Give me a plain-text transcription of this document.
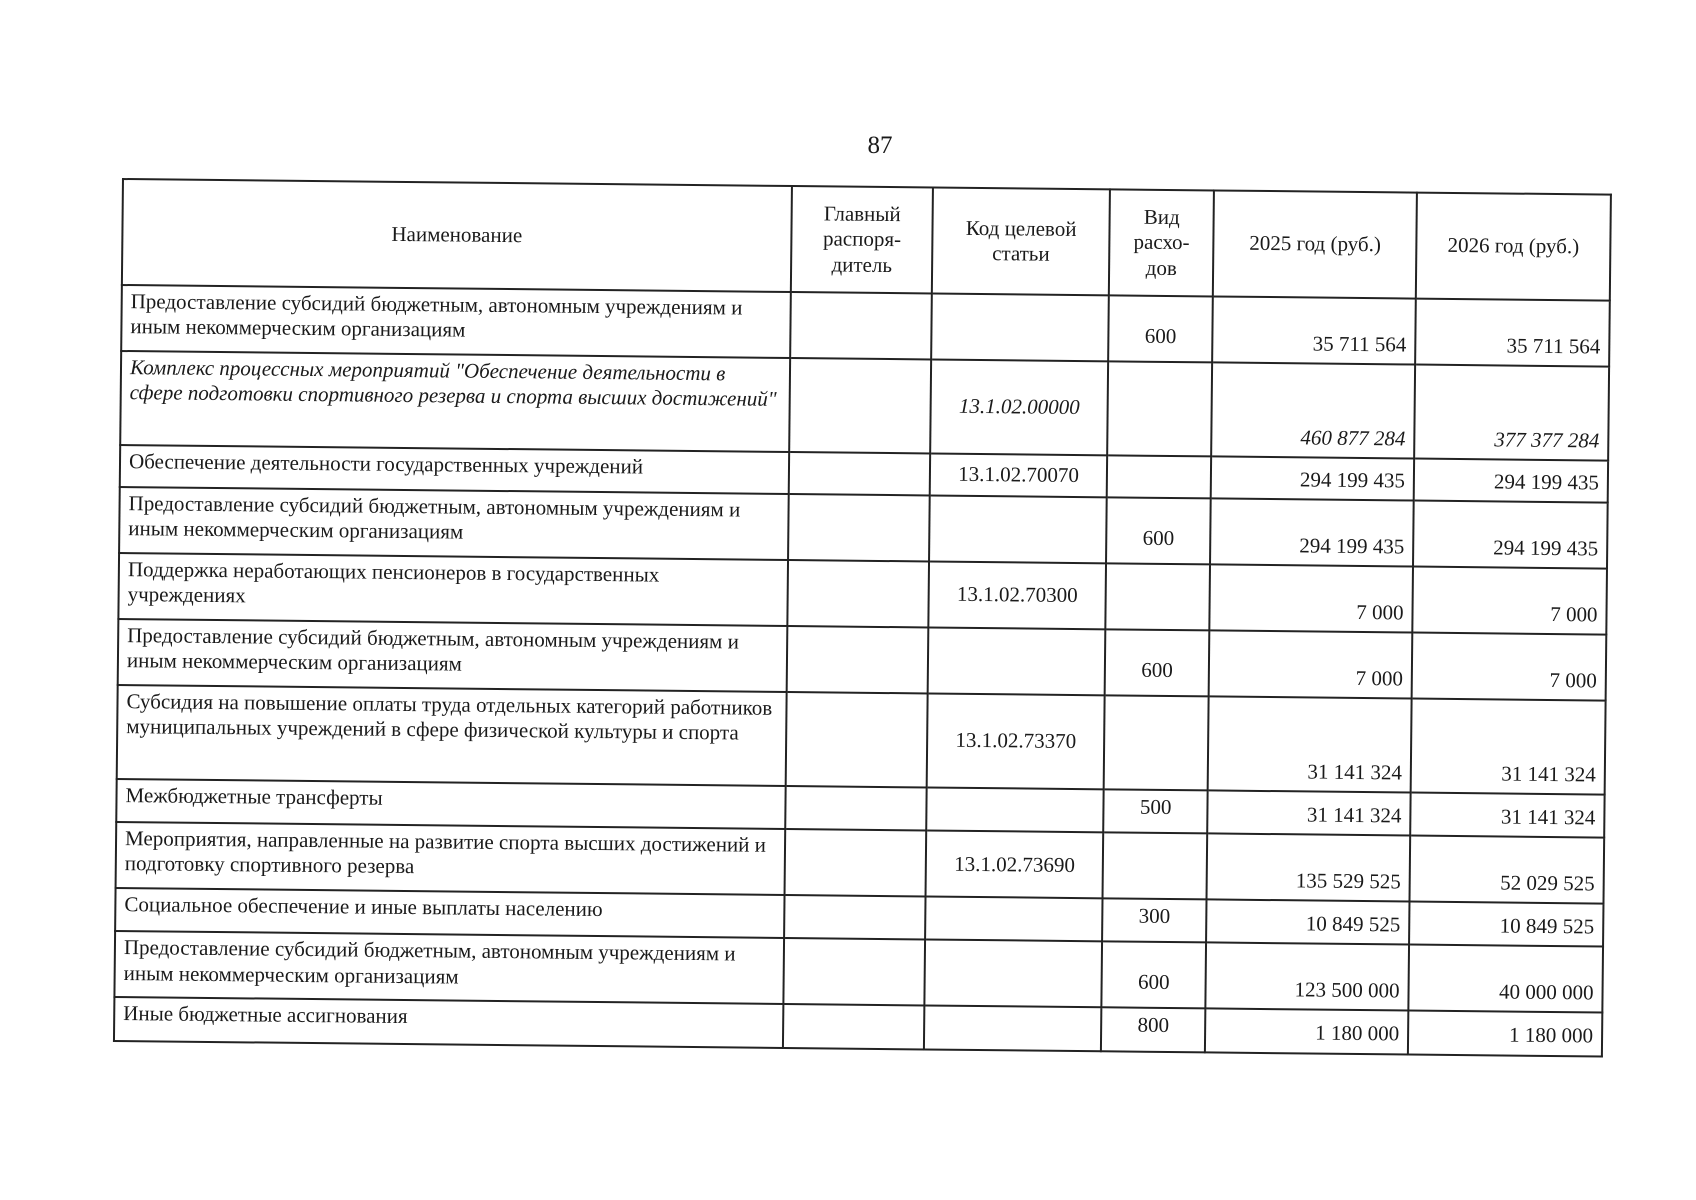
87
Наименование	Главный распоря-дитель	Код целевой статьи	Вид расхо-дов	2025 год (руб.)	2026 год (руб.)
Предоставление субсидий бюджетным, автономным учреждениям и иным некоммерческим организациям			600	35 711 564	35 711 564
Комплекс процессных мероприятий "Обеспечение деятельности в сфере подготовки спортивного резерва и спорта высших достижений"		13.1.02.00000		460 877 284	377 377 284
Обеспечение деятельности государственных учреждений		13.1.02.70070		294 199 435	294 199 435
Предоставление субсидий бюджетным, автономным учреждениям и иным некоммерческим организациям			600	294 199 435	294 199 435
Поддержка неработающих пенсионеров в государственных учреждениях		13.1.02.70300		7 000	7 000
Предоставление субсидий бюджетным, автономным учреждениям и иным некоммерческим организациям			600	7 000	7 000
Субсидия на повышение оплаты труда отдельных категорий работников муниципальных учреждений в сфере физической культуры и спорта		13.1.02.73370		31 141 324	31 141 324
Межбюджетные трансферты			500	31 141 324	31 141 324
Мероприятия, направленные на развитие спорта высших достижений и подготовку спортивного резерва		13.1.02.73690		135 529 525	52 029 525
Социальное обеспечение и иные выплаты населению			300	10 849 525	10 849 525
Предоставление субсидий бюджетным, автономным учреждениям и иным некоммерческим организациям			600	123 500 000	40 000 000
Иные бюджетные ассигнования			800	1 180 000	1 180 000
